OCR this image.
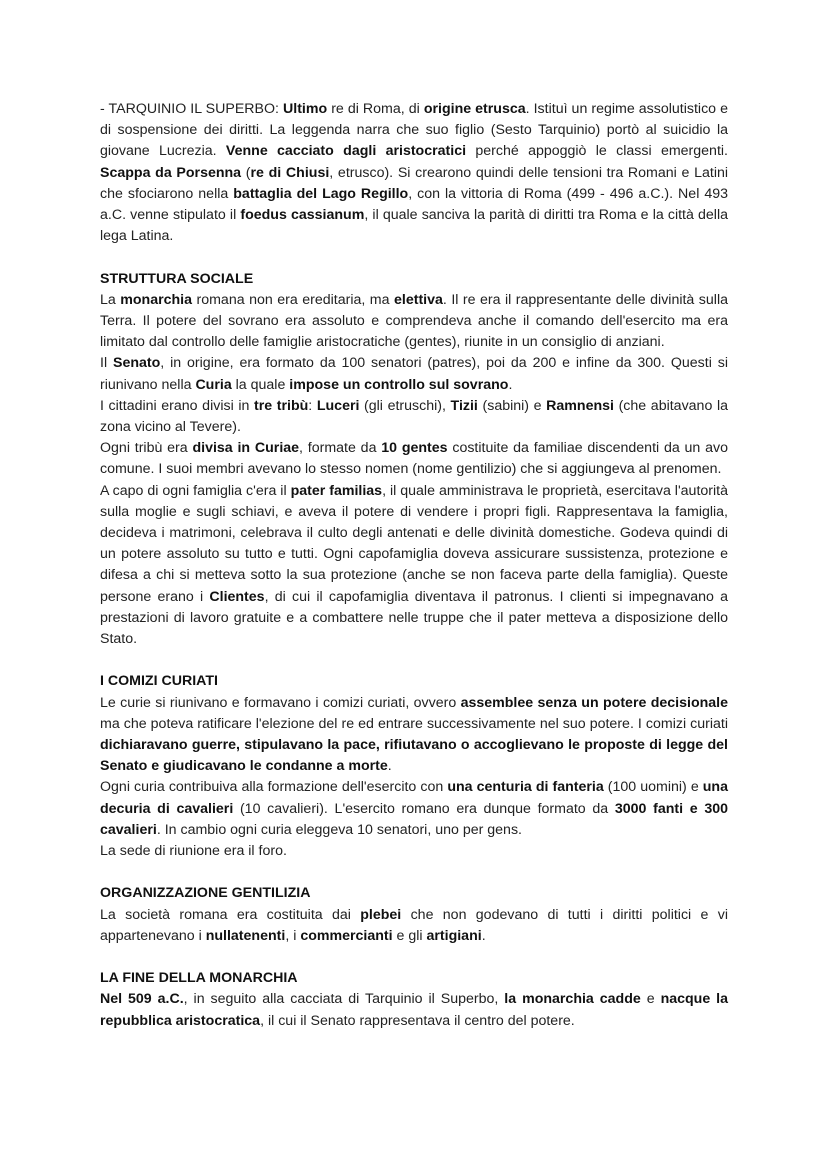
- TARQUINIO IL SUPERBO: Ultimo re di Roma, di origine etrusca. Istituì un regime assolutistico e di sospensione dei diritti. La leggenda narra che suo figlio (Sesto Tarquinio) portò al suicidio la giovane Lucrezia. Venne cacciato dagli aristocratici perché appoggiò le classi emergenti. Scappa da Porsenna (re di Chiusi, etrusco). Si crearono quindi delle tensioni tra Romani e Latini che sfociarono nella battaglia del Lago Regillo, con la vittoria di Roma (499 - 496 a.C.). Nel 493 a.C. venne stipulato il foedus cassianum, il quale sanciva la parità di diritti tra Roma e la città della lega Latina.

STRUTTURA SOCIALE

La monarchia romana non era ereditaria, ma elettiva. Il re era il rappresentante delle divinità sulla Terra. Il potere del sovrano era assoluto e comprendeva anche il comando dell'esercito ma era limitato dal controllo delle famiglie aristocratiche (gentes), riunite in un consiglio di anziani.

Il Senato, in origine, era formato da 100 senatori (patres), poi da 200 e infine da 300. Questi si riunivano nella Curia la quale impose un controllo sul sovrano.

I cittadini erano divisi in tre tribù: Luceri (gli etruschi), Tizii (sabini) e Ramnensi (che abitavano la zona vicino al Tevere).

Ogni tribù era divisa in Curiae, formate da 10 gentes costituite da familiae discendenti da un avo comune. I suoi membri avevano lo stesso nomen (nome gentilizio) che si aggiungeva al prenomen.

A capo di ogni famiglia c'era il pater familias, il quale amministrava le proprietà, esercitava l'autorità sulla moglie e sugli schiavi, e aveva il potere di vendere i propri figli. Rappresentava la famiglia, decideva i matrimoni, celebrava il culto degli antenati e delle divinità domestiche. Godeva quindi di un potere assoluto su tutto e tutti. Ogni capofamiglia doveva assicurare sussistenza, protezione e difesa a chi si metteva sotto la sua protezione (anche se non faceva parte della famiglia). Queste persone erano i Clientes, di cui il capofamiglia diventava il patronus. I clienti si impegnavano a prestazioni di lavoro gratuite e a combattere nelle truppe che il pater metteva a disposizione dello Stato.

I COMIZI CURIATI

Le curie si riunivano e formavano i comizi curiati, ovvero assemblee senza un potere decisionale ma che poteva ratificare l'elezione del re ed entrare successivamente nel suo potere. I comizi curiati dichiaravano guerre, stipulavano la pace, rifiutavano o accoglievano le proposte di legge del Senato e giudicavano le condanne a morte.

Ogni curia contribuiva alla formazione dell'esercito con una centuria di fanteria (100 uomini) e una decuria di cavalieri (10 cavalieri). L'esercito romano era dunque formato da 3000 fanti e 300 cavalieri. In cambio ogni curia eleggeva 10 senatori, uno per gens.

La sede di riunione era il foro.

ORGANIZZAZIONE GENTILIZIA

La società romana era costituita dai plebei che non godevano di tutti i diritti politici e vi appartenevano i nullatenenti, i commercianti e gli artigiani.

LA FINE DELLA MONARCHIA

Nel 509 a.C., in seguito alla cacciata di Tarquinio il Superbo, la monarchia cadde e nacque la repubblica aristocratica, il cui il Senato rappresentava il centro del potere.
